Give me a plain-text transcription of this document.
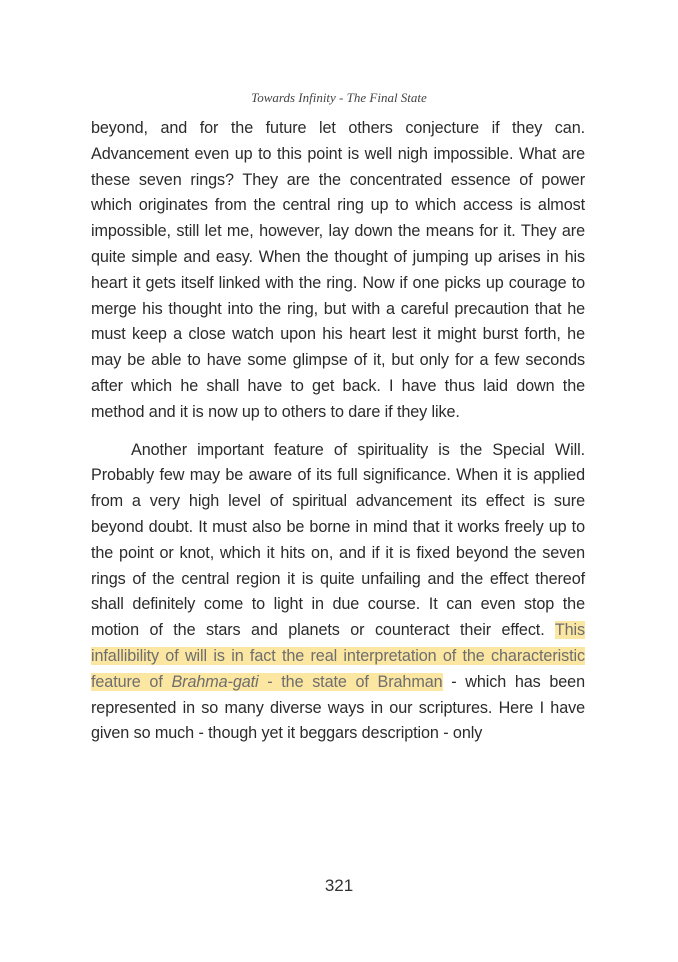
Towards Infinity - The Final State

beyond, and for the future let others conjecture if they can. Advancement even up to this point is well nigh impossible. What are these seven rings? They are the concentrated essence of power which originates from the central ring up to which access is almost impossible, still let me, however, lay down the means for it. They are quite simple and easy. When the thought of jumping up arises in his heart it gets itself linked with the ring. Now if one picks up courage to merge his thought into the ring, but with a careful precaution that he must keep a close watch upon his heart lest it might burst forth, he may be able to have some glimpse of it, but only for a few seconds after which he shall have to get back. I have thus laid down the method and it is now up to others to dare if they like.

Another important feature of spirituality is the Special Will. Probably few may be aware of its full significance. When it is applied from a very high level of spiritual advancement its effect is sure beyond doubt. It must also be borne in mind that it works freely up to the point or knot, which it hits on, and if it is fixed beyond the seven rings of the central region it is quite unfailing and the effect thereof shall definitely come to light in due course. It can even stop the motion of the stars and planets or counteract their effect. This infallibility of will is in fact the real interpretation of the characteristic feature of Brahma-gati - the state of Brahman - which has been represented in so many diverse ways in our scriptures. Here I have given so much - though yet it beggars description - only

321
